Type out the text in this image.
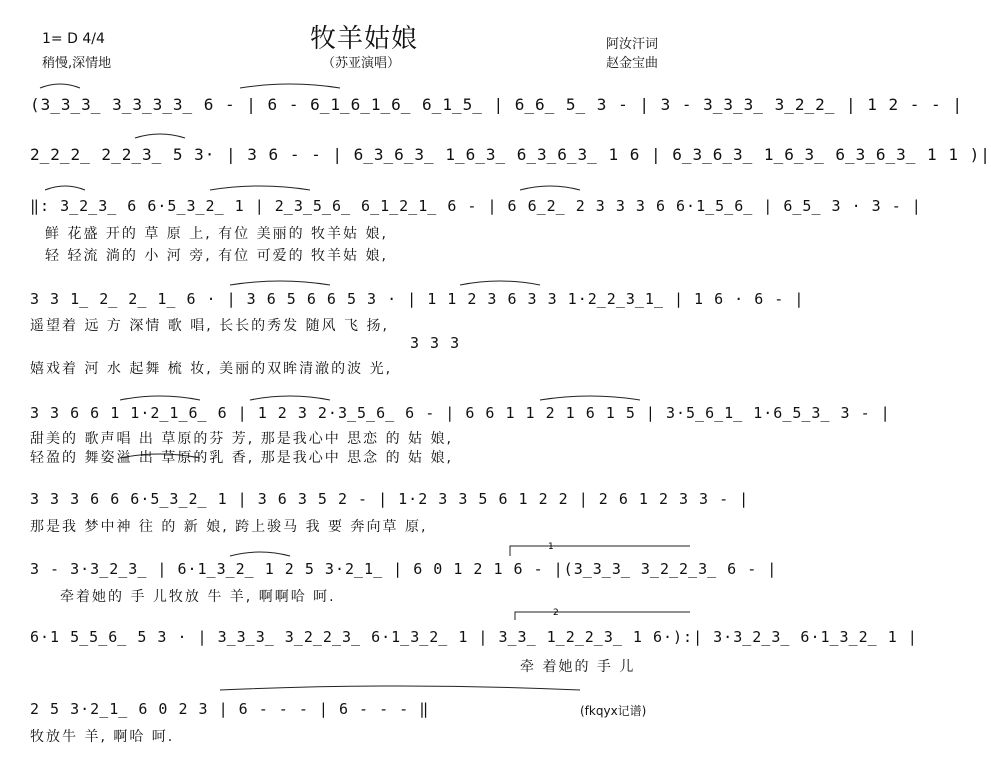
牧羊姑娘
（苏亚演唱）
1= D 4/4
稍慢,深情地
阿汝汗词
赵金宝曲
1
2
(3̲3̲3̲ 3̲3̲3̲3̲ 6 - | 6 - 6̲1̲6̲1̲6̲ 6̲1̲5̲ | 6̲6̲ 5̲ 3 - | 3 - 3̲3̲3̲ 3̲2̲2̲ | 1 2 - - |
2̲2̲2̲ 2̲2̲3̲ 5 3· | 3 6 - - | 6̲3̲6̲3̲ 1̲6̲3̲ 6̲3̲6̲3̲ 1 6 | 6̲3̲6̲3̲ 1̲6̲3̲ 6̲3̲6̲3̲ 1 1 )|
‖: 3̲2̲3̲ 6 6·5̲3̲2̲ 1 | 2̲3̲5̲6̲ 6̲1̲2̲1̲ 6 - | 6 6̲2̲ 2 3 3 3 6 6·1̲5̲6̲ | 6̲5̲ 3 · 3 - |
鲜 花盛 开的 草 原 上, 有位 美丽的 牧羊姑 娘,
轻 轻流 淌的 小 河 旁, 有位 可爱的 牧羊姑 娘,
3 3 1̲ 2̲ 2̲ 1̲ 6 · | 3 6 5 6 6 5 3 · | 1 1 2 3 6 3 3 1·2̲2̲3̲1̲ | 1 6 · 6 - |
遥望着 远 方 深情 歌 唱, 长长的秀发 随风 飞 扬,
3 3 3
嬉戏着 河 水 起舞 梳 妆, 美丽的双眸清澈的波 光,
3 3 6 6 1 1·2̲1̲6̲ 6 | 1 2 3 2·3̲5̲6̲ 6 - | 6 6 1 1 2 1 6 1 5 | 3·5̲6̲1̲ 1·6̲5̲3̲ 3 - |
甜美的 歌声唱 出 草原的芬 芳, 那是我心中 思恋 的 姑 娘,
轻盈的 舞姿溢 出 草原的乳 香, 那是我心中 思念 的 姑 娘,
3 3 3 6 6 6·5̲3̲2̲ 1 | 3 6 3 5 2 - | 1·2 3 3 5 6 1 2 2 | 2 6 1 2 3 3 - |
那是我 梦中神 往 的 新 娘, 跨上骏马 我 要 奔向草 原,
3 - 3·3̲2̲3̲ | 6·1̲3̲2̲ 1 2 5 3·2̲1̲ | 6 0 1 2 1 6 - |(3̲3̲3̲ 3̲2̲2̲3̲ 6 - |
牵着她的 手 儿牧放 牛 羊, 啊啊哈 呵.
6·1 5̲5̲6̲ 5 3 · | 3̲3̲3̲ 3̲2̲2̲3̲ 6·1̲3̲2̲ 1 | 3̲3̲ 1̲2̲2̲3̲ 1 6·):| 3·3̲2̲3̲ 6·1̲3̲2̲ 1 |
牵 着她的 手 儿
2 5 3·2̲1̲ 6 0 2 3 | 6 - - - | 6 - - - ‖
牧放牛 羊, 啊哈 呵.
(fkqyx记谱)
